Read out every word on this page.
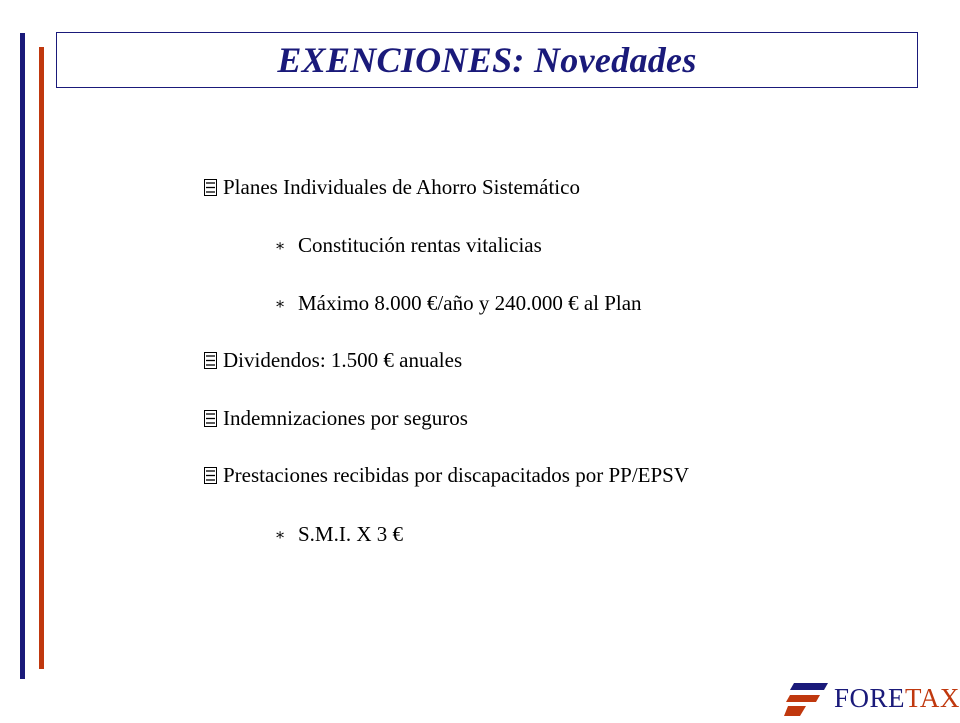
EXENCIONES: Novedades
Planes Individuales de Ahorro Sistemático
∗ Constitución rentas vitalicias
∗ Máximo 8.000 €/año y 240.000 € al Plan
Dividendos: 1.500 € anuales
Indemnizaciones por seguros
Prestaciones recibidas por discapacitados por PP/EPSV
∗ S.M.I. X 3 €
FORETAX
